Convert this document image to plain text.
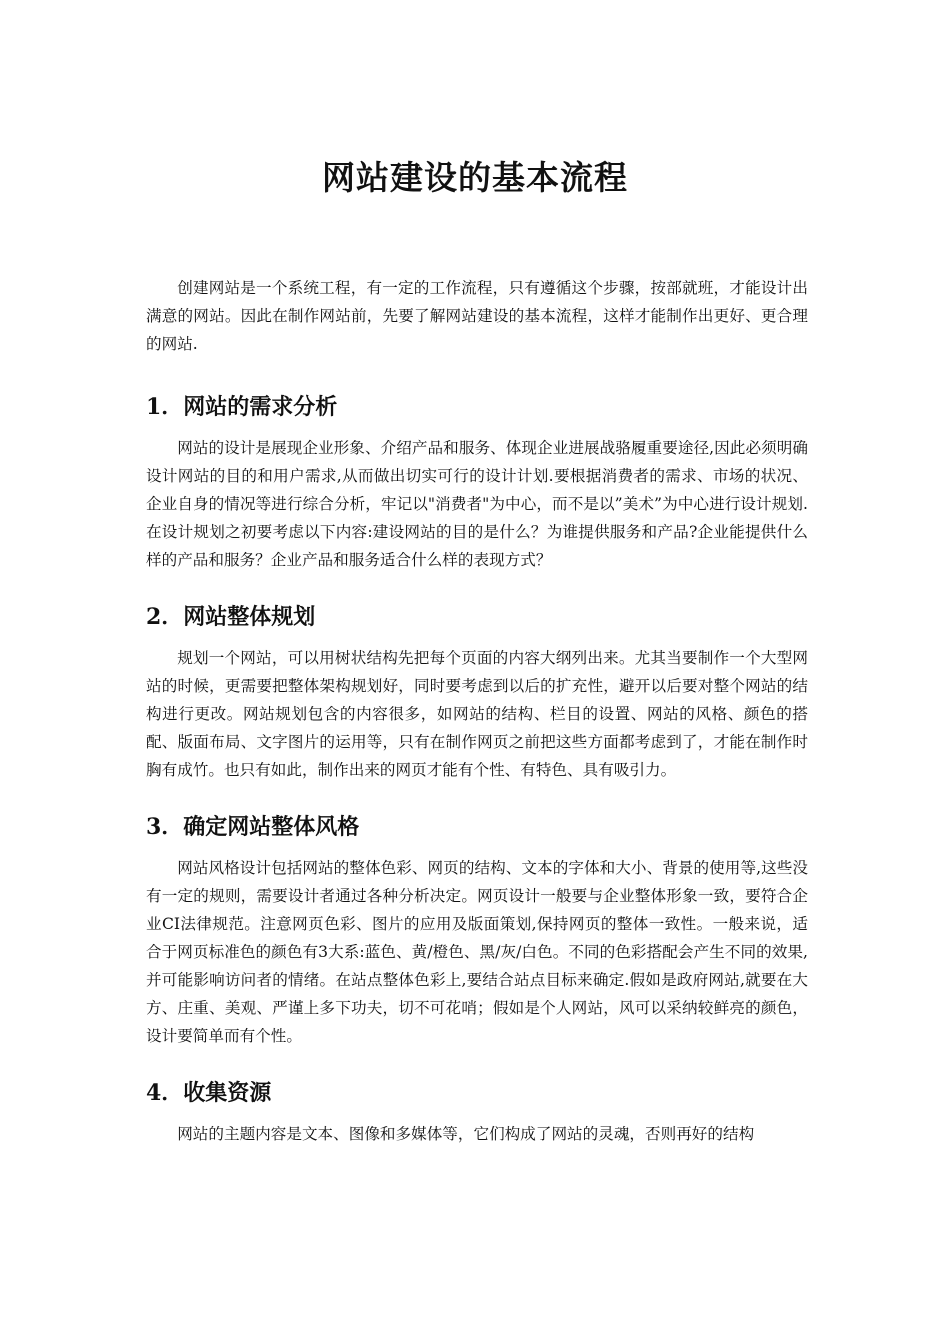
网站建设的基本流程

创建网站是一个系统工程，有一定的工作流程，只有遵循这个步骤，按部就班，才能设计出满意的网站。因此在制作网站前，先要了解网站建设的基本流程，这样才能制作出更好、更合理的网站.

1．网站的需求分析

网站的设计是展现企业形象、介绍产品和服务、体现企业进展战骆履重要途径,因此必须明确设计网站的目的和用户需求,从而做出切实可行的设计计划.要根据消费者的需求、市场的状况、企业自身的情况等进行综合分析，牢记以"消费者"为中心，而不是以”美术”为中心进行设计规划.在设计规划之初要考虑以下内容:建设网站的目的是什么？为谁提供服务和产品?企业能提供什么样的产品和服务？企业产品和服务适合什么样的表现方式？

2．网站整体规划

规划一个网站，可以用树状结构先把每个页面的内容大纲列出来。尤其当要制作一个大型网站的时候，更需要把整体架构规划好，同时要考虑到以后的扩充性，避开以后要对整个网站的结构进行更改。网站规划包含的内容很多，如网站的结构、栏目的设置、网站的风格、颜色的搭配、版面布局、文字图片的运用等，只有在制作网页之前把这些方面都考虑到了，才能在制作时胸有成竹。也只有如此，制作出来的网页才能有个性、有特色、具有吸引力。

3．确定网站整体风格

网站风格设计包括网站的整体色彩、网页的结构、文本的字体和大小、背景的使用等,这些没有一定的规则，需要设计者通过各种分析决定。网页设计一般要与企业整体形象一致，要符合企业CI法律规范。注意网页色彩、图片的应用及版面策划,保持网页的整体一致性。一般来说，适合于网页标准色的颜色有3大系:蓝色、黄/橙色、黑/灰/白色。不同的色彩搭配会产生不同的效果,并可能影响访问者的情绪。在站点整体色彩上,要结合站点目标来确定.假如是政府网站,就要在大方、庄重、美观、严谨上多下功夫，切不可花哨；假如是个人网站，风可以采纳较鲜亮的颜色，设计要简单而有个性。

4．收集资源

网站的主题内容是文本、图像和多媒体等，它们构成了网站的灵魂，否则再好的结构
